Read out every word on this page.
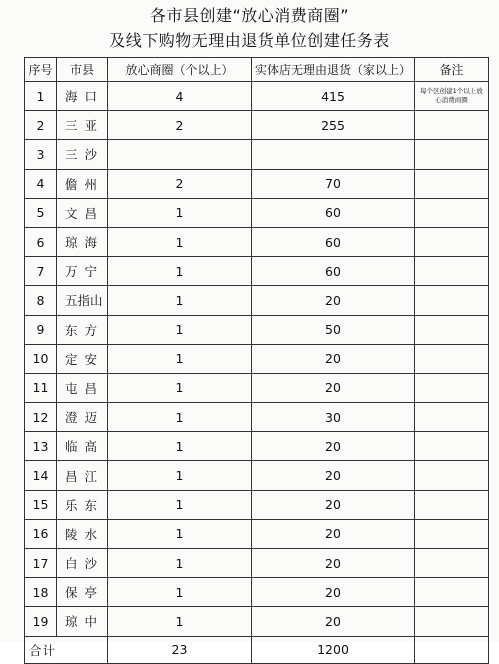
各市县创建“放心消费商圈”
及线下购物无理由退货单位创建任务表
序号	市县	放心商圈（个以上）	实体店无理由退货（家以上）	备注
1	海口	4	415	每个区创建1个以上放心消费商圈
2	三亚	2	255	
3	三沙			
4	儋州	2	70	
5	文昌	1	60	
6	琼海	1	60	
7	万宁	1	60	
8	五指山	1	20	
9	东方	1	50	
10	定安	1	20	
11	屯昌	1	20	
12	澄迈	1	30	
13	临高	1	20	
14	昌江	1	20	
15	乐东	1	20	
16	陵水	1	20	
17	白沙	1	20	
18	保亭	1	20	
19	琼中	1	20	
合计		23	1200	
